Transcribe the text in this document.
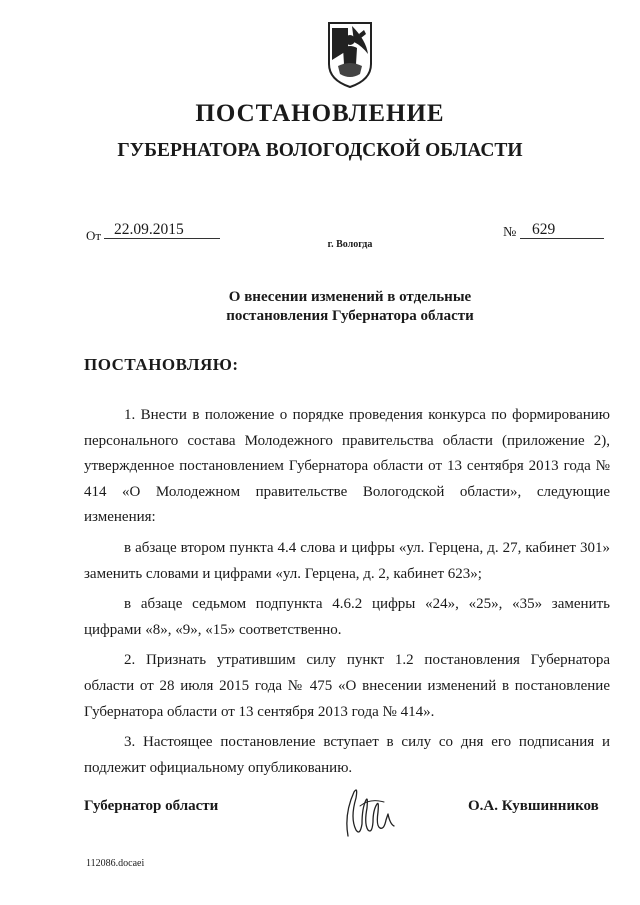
ПОСТАНОВЛЕНИЕ
ГУБЕРНАТОРА ВОЛОГОДСКОЙ ОБЛАСТИ
От 22.09.2015	№	629
г. Вологда
О внесении изменений в отдельные
постановления Губернатора области
ПОСТАНОВЛЯЮ:

1. Внести в положение о порядке проведения конкурса по формированию персонального состава Молодежного правительства области (приложение 2), утвержденное постановлением Губернатора области от 13 сентября 2013 года № 414 «О Молодежном правительстве Вологодской области», следующие изменения:

в абзаце втором пункта 4.4 слова и цифры «ул. Герцена, д. 27, кабинет 301» заменить словами и цифрами «ул. Герцена, д. 2, кабинет 623»;

в абзаце седьмом подпункта 4.6.2 цифры «24», «25», «35» заменить цифрами «8», «9», «15» соответственно.

2. Признать утратившим силу пункт 1.2 постановления Губернатора области от 28 июля 2015 года № 475 «О внесении изменений в постановление Губернатора области от 13 сентября 2013 года № 414».

3. Настоящее постановление вступает в силу со дня его подписания и подлежит официальному опубликованию.

Губернатор области	О.А. Кувшинников
112086.docaei
